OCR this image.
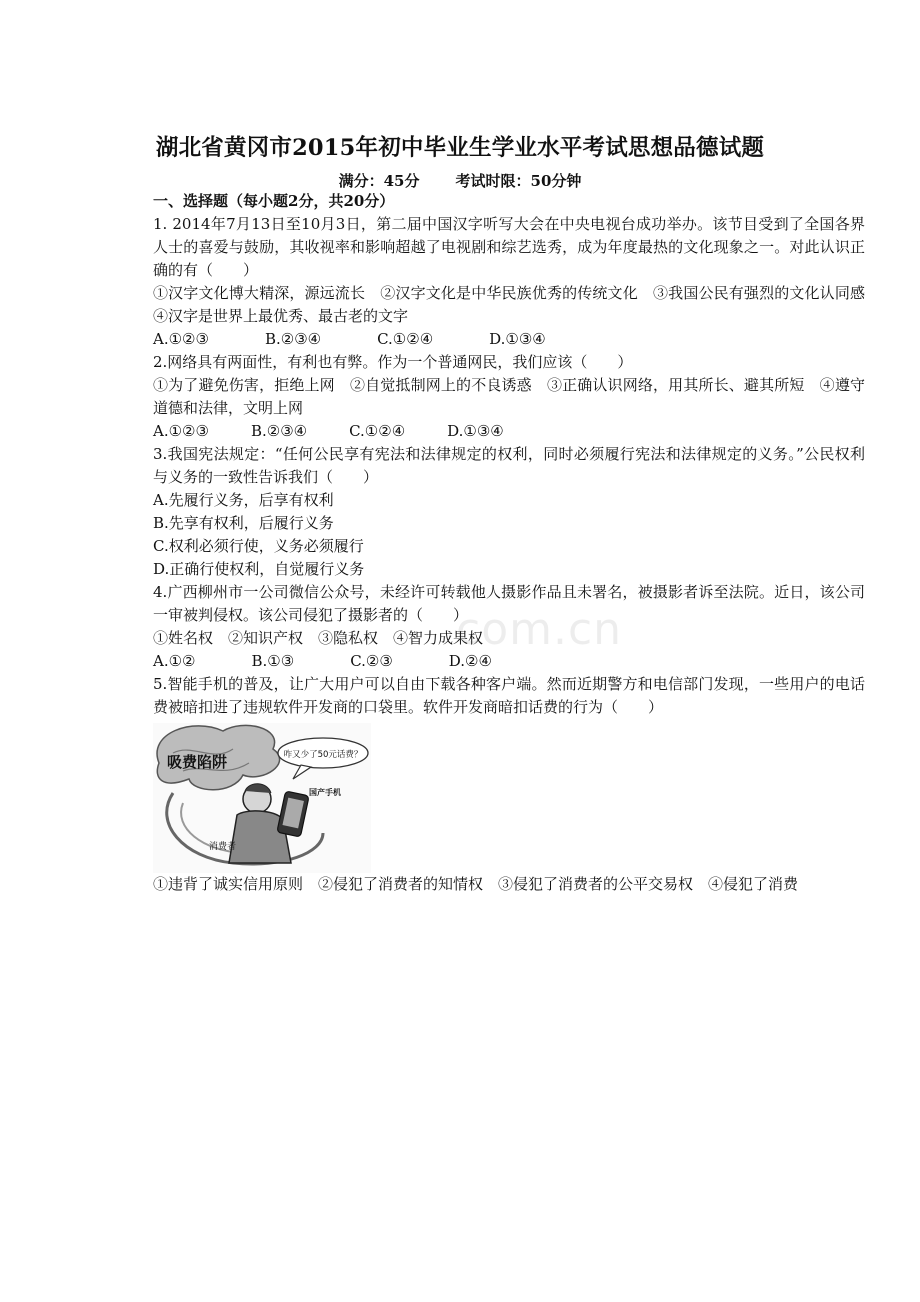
湖北省黄冈市2015年初中毕业生学业水平考试思想品德试题
满分：45分 考试时限：50分钟
com.cn

一、选择题（每小题2分，共20分）

1. 2014年7月13日至10月3日，第二届中国汉字听写大会在中央电视台成功举办。该节目受到了全国各界人士的喜爱与鼓励，其收视率和影响超越了电视剧和综艺选秀，成为年度最热的文化现象之一。对此认识正确的有（　　）

①汉字文化博大精深，源远流长　②汉字文化是中华民族优秀的传统文化　③我国公民有强烈的文化认同感　④汉字是世界上最优秀、最古老的文字

A.①②③	B.②③④	C.①②④	D.①③④

2.网络具有两面性，有利也有弊。作为一个普通网民，我们应该（　　）

①为了避免伤害，拒绝上网　②自觉抵制网上的不良诱惑　③正确认识网络，用其所长、避其所短　④遵守道德和法律，文明上网

A.①②③	B.②③④	C.①②④	D.①③④

3.我国宪法规定：“任何公民享有宪法和法律规定的权利，同时必须履行宪法和法律规定的义务。”公民权利与义务的一致性告诉我们（　　）

A.先履行义务，后享有权利

B.先享有权利，后履行义务

C.权利必须行使，义务必须履行

D.正确行使权利，自觉履行义务

4.广西柳州市一公司微信公众号，未经许可转载他人摄影作品且未署名，被摄影者诉至法院。近日，该公司一审被判侵权。该公司侵犯了摄影者的（　　）

①姓名权　②知识产权　③隐私权　④智力成果权

A.①②	B.①③	C.②③	D.②④

5.智能手机的普及，让广大用户可以自由下载各种客户端。然而近期警方和电信部门发现，一些用户的电话费被暗扣进了违规软件开发商的口袋里。软件开发商暗扣话费的行为（　　）

吸费陷阱	咋又少了50元话费？
国产手机
消费者

①违背了诚实信用原则　②侵犯了消费者的知情权　③侵犯了消费者的公平交易权　④侵犯了消费
